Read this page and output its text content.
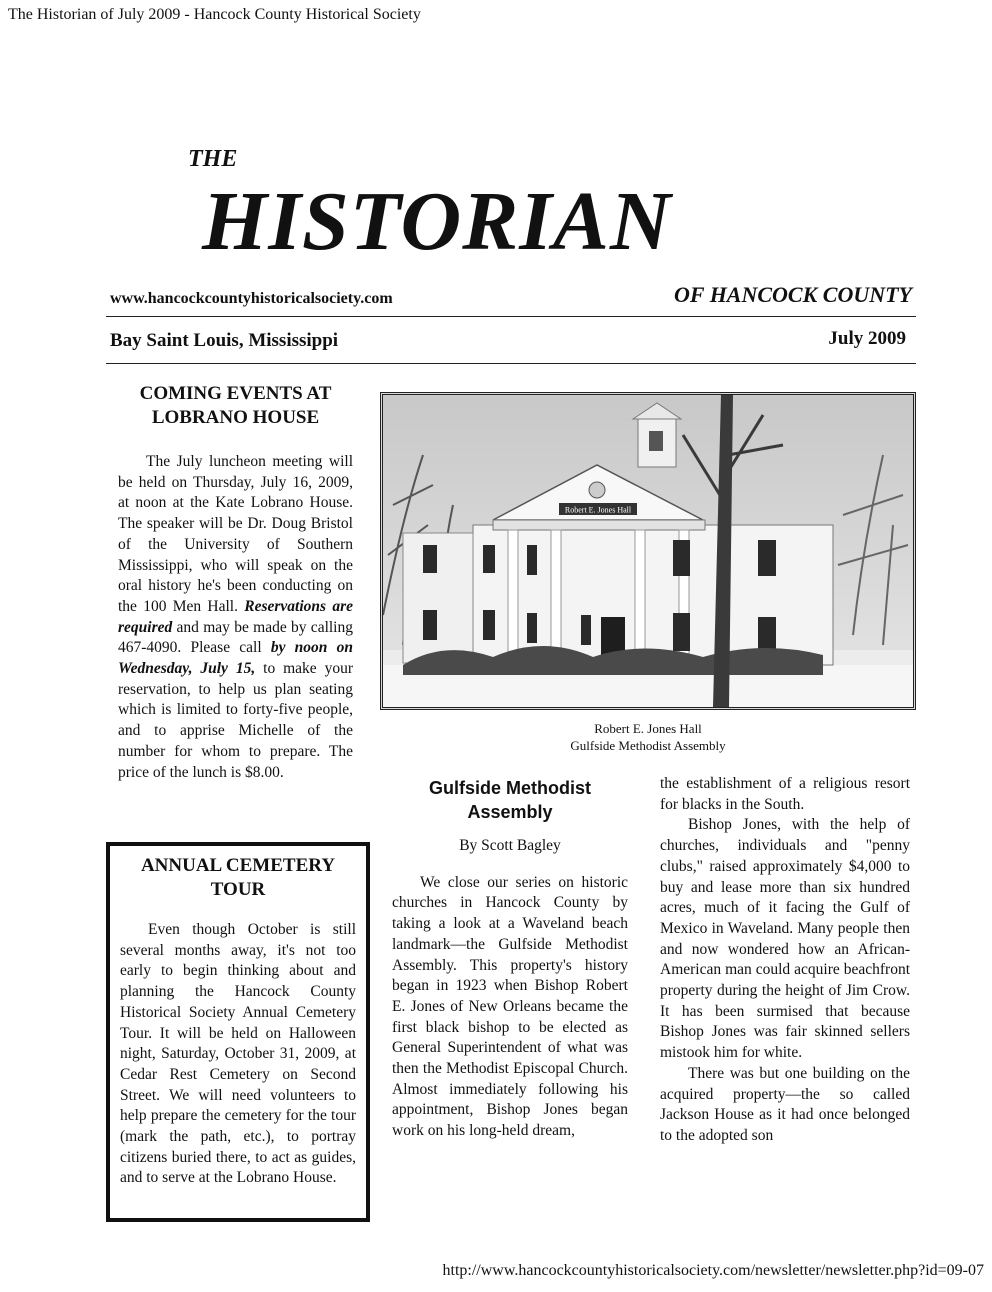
The Historian of July 2009 - Hancock County Historical Society
THE
HISTORIAN
www.hancockcountyhistoricalsociety.com	OF HANCOCK COUNTY
Bay Saint Louis, Mississippi	July 2009
COMING EVENTS AT
LOBRANO HOUSE

The July luncheon meeting will be held on Thursday, July 16, 2009, at noon at the Kate Lobrano House. The speaker will be Dr. Doug Bristol of the University of Southern Mississippi, who will speak on the oral history he's been conducting on the 100 Men Hall. Reservations are required and may be made by calling 467-4090. Please call by noon on Wednesday, July 15, to make your reservation, to help us plan seating which is limited to forty-five people, and to apprise Michelle of the number for whom to prepare. The price of the lunch is $8.00.

ANNUAL CEMETERY
TOUR

Even though October is still several months away, it's not too early to begin thinking about and planning the Hancock County Historical Society Annual Cemetery Tour. It will be held on Halloween night, Saturday, October 31, 2009, at Cedar Rest Cemetery on Second Street. We will need volunteers to help prepare the cemetery for the tour (mark the path, etc.), to portray citizens buried there, to act as guides, and to serve at the Lobrano House.

Robert E. Jones Hall
Robert E. Jones Hall
Gulfside Methodist Assembly
Gulfside Methodist
Assembly
By Scott Bagley

We close our series on historic churches in Hancock County by taking a look at a Waveland beach landmark—the Gulfside Methodist Assembly. This property's history began in 1923 when Bishop Robert E. Jones of New Orleans became the first black bishop to be elected as General Superintendent of what was then the Methodist Episcopal Church. Almost immediately following his appointment, Bishop Jones began work on his long-held dream,

the establishment of a religious resort for blacks in the South.

Bishop Jones, with the help of churches, individuals and "penny clubs," raised approximately $4,000 to buy and lease more than six hundred acres, much of it facing the Gulf of Mexico in Waveland. Many people then and now wondered how an African-American man could acquire beachfront property during the height of Jim Crow. It has been surmised that because Bishop Jones was fair skinned sellers mistook him for white.

There was but one building on the acquired property—the so called Jackson House as it had once belonged to the adopted son

http://www.hancockcountyhistoricalsociety.com/newsletter/newsletter.php?id=09-07
